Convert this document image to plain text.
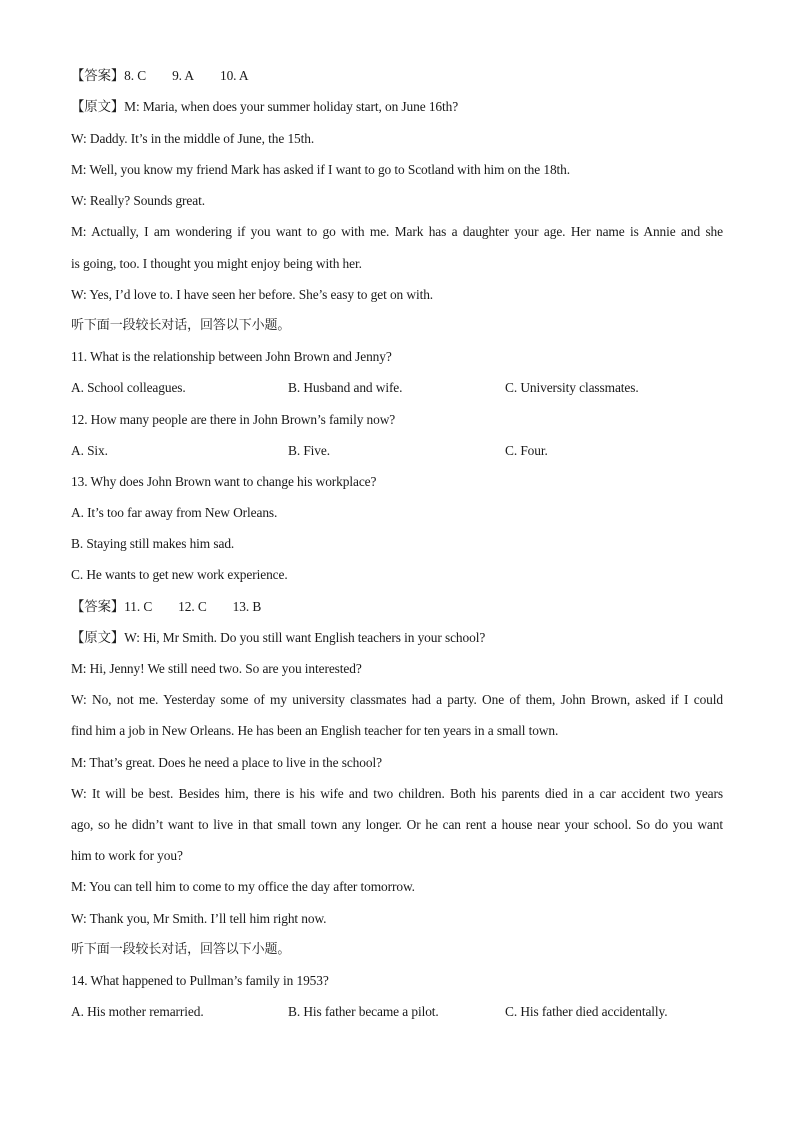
【答案】8. C        9. A        10. A
【原文】M: Maria, when does your summer holiday start, on June 16th?
W: Daddy. It’s in the middle of June, the 15th.
M: Well, you know my friend Mark has asked if I want to go to Scotland with him on the 18th.
W: Really? Sounds great.
M: Actually, I am wondering if you want to go with me. Mark has a daughter your age. Her name is Annie and she
is going, too. I thought you might enjoy being with her.
W: Yes, I’d love to. I have seen her before. She’s easy to get on with.
听下面一段较长对话，回答以下小题。
11. What is the relationship between John Brown and Jenny?
A. School colleagues.	B. Husband and wife.	C. University classmates.
12. How many people are there in John Brown’s family now?
A. Six.	B. Five.	C. Four.
13. Why does John Brown want to change his workplace?
A. It’s too far away from New Orleans.
B. Staying still makes him sad.
C. He wants to get new work experience.
【答案】11. C        12. C        13. B
【原文】W: Hi, Mr Smith. Do you still want English teachers in your school?
M: Hi, Jenny! We still need two. So are you interested?
W: No, not me. Yesterday some of my university classmates had a party. One of them, John Brown, asked if I could
find him a job in New Orleans. He has been an English teacher for ten years in a small town.
M: That’s great. Does he need a place to live in the school?
W: It will be best. Besides him, there is his wife and two children. Both his parents died in a car accident two years
ago, so he didn’t want to live in that small town any longer. Or he can rent a house near your school. So do you want
him to work for you?
M: You can tell him to come to my office the day after tomorrow.
W: Thank you, Mr Smith. I’ll tell him right now.
听下面一段较长对话，回答以下小题。
14. What happened to Pullman’s family in 1953?
A. His mother remarried.	B. His father became a pilot.	C. His father died accidentally.
